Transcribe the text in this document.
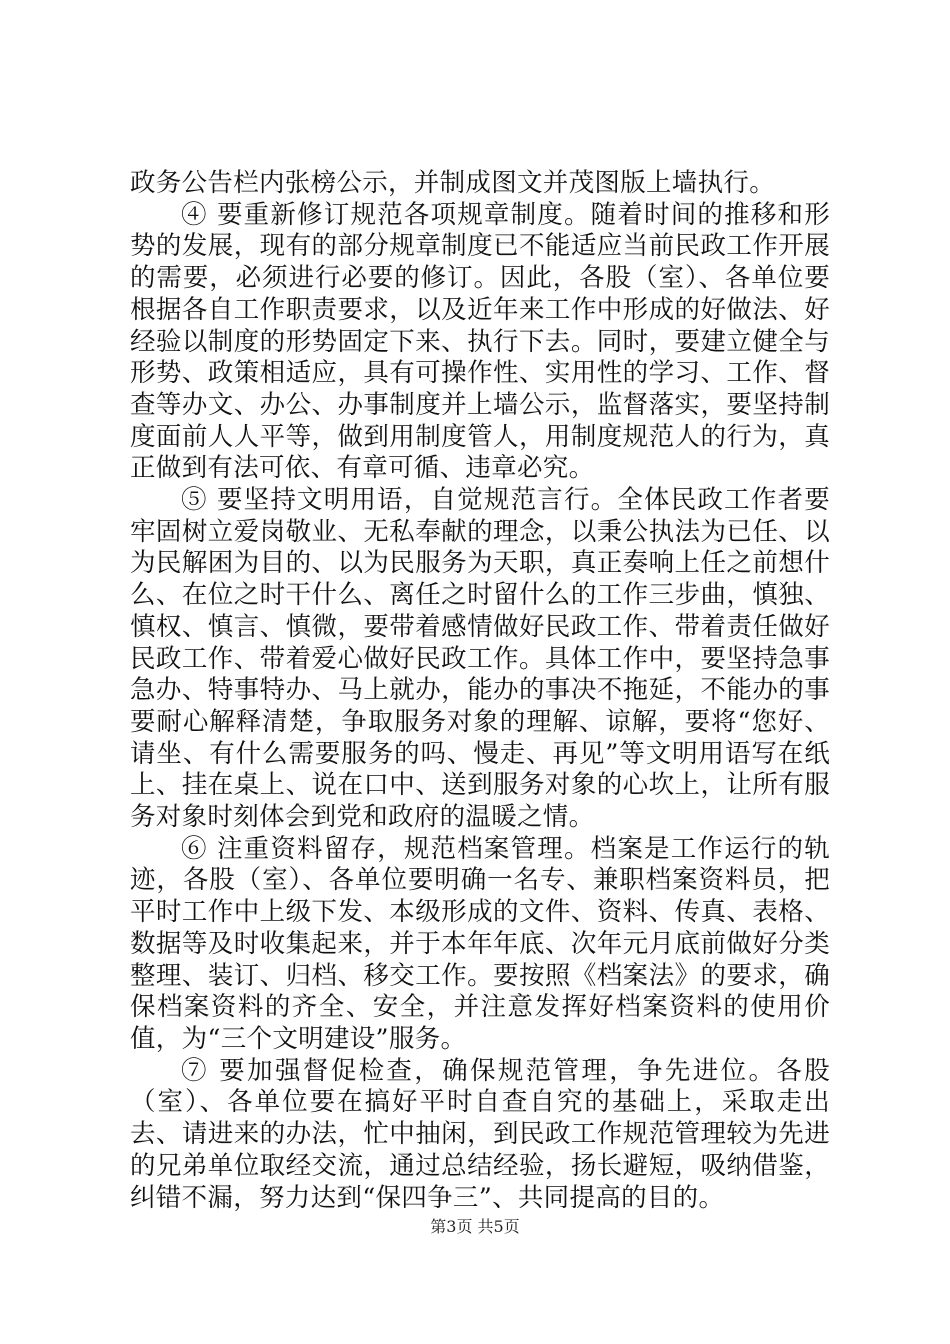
政务公告栏内张榜公示，并制成图文并茂图版上墙执行。

④ 要重新修订规范各项规章制度。随着时间的推移和形势的发展，现有的部分规章制度已不能适应当前民政工作开展的需要，必须进行必要的修订。因此，各股（室）、各单位要根据各自工作职责要求，以及近年来工作中形成的好做法、好经验以制度的形势固定下来、执行下去。同时，要建立健全与形势、政策相适应，具有可操作性、实用性的学习、工作、督查等办文、办公、办事制度并上墙公示，监督落实，要坚持制度面前人人平等，做到用制度管人，用制度规范人的行为，真正做到有法可依、有章可循、违章必究。

⑤ 要坚持文明用语，自觉规范言行。全体民政工作者要牢固树立爱岗敬业、无私奉献的理念，以秉公执法为已任、以为民解困为目的、以为民服务为天职，真正奏响上任之前想什么、在位之时干什么、离任之时留什么的工作三步曲，慎独、慎权、慎言、慎微，要带着感情做好民政工作、带着责任做好民政工作、带着爱心做好民政工作。具体工作中，要坚持急事急办、特事特办、马上就办，能办的事决不拖延，不能办的事要耐心解释清楚，争取服务对象的理解、谅解，要将“您好、请坐、有什么需要服务的吗、慢走、再见”等文明用语写在纸上、挂在桌上、说在口中、送到服务对象的心坎上，让所有服务对象时刻体会到党和政府的温暖之情。

⑥ 注重资料留存，规范档案管理。档案是工作运行的轨迹，各股（室）、各单位要明确一名专、兼职档案资料员，把平时工作中上级下发、本级形成的文件、资料、传真、表格、数据等及时收集起来，并于本年年底、次年元月底前做好分类整理、装订、归档、移交工作。要按照《档案法》的要求，确保档案资料的齐全、安全，并注意发挥好档案资料的使用价值，为“三个文明建设”服务。

⑦ 要加强督促检查，确保规范管理，争先进位。各股（室）、各单位要在搞好平时自查自究的基础上，采取走出去、请进来的办法，忙中抽闲，到民政工作规范管理较为先进的兄弟单位取经交流，通过总结经验，扬长避短，吸纳借鉴，纠错不漏，努力达到“保四争三”、共同提高的目的。

第3页 共5页
